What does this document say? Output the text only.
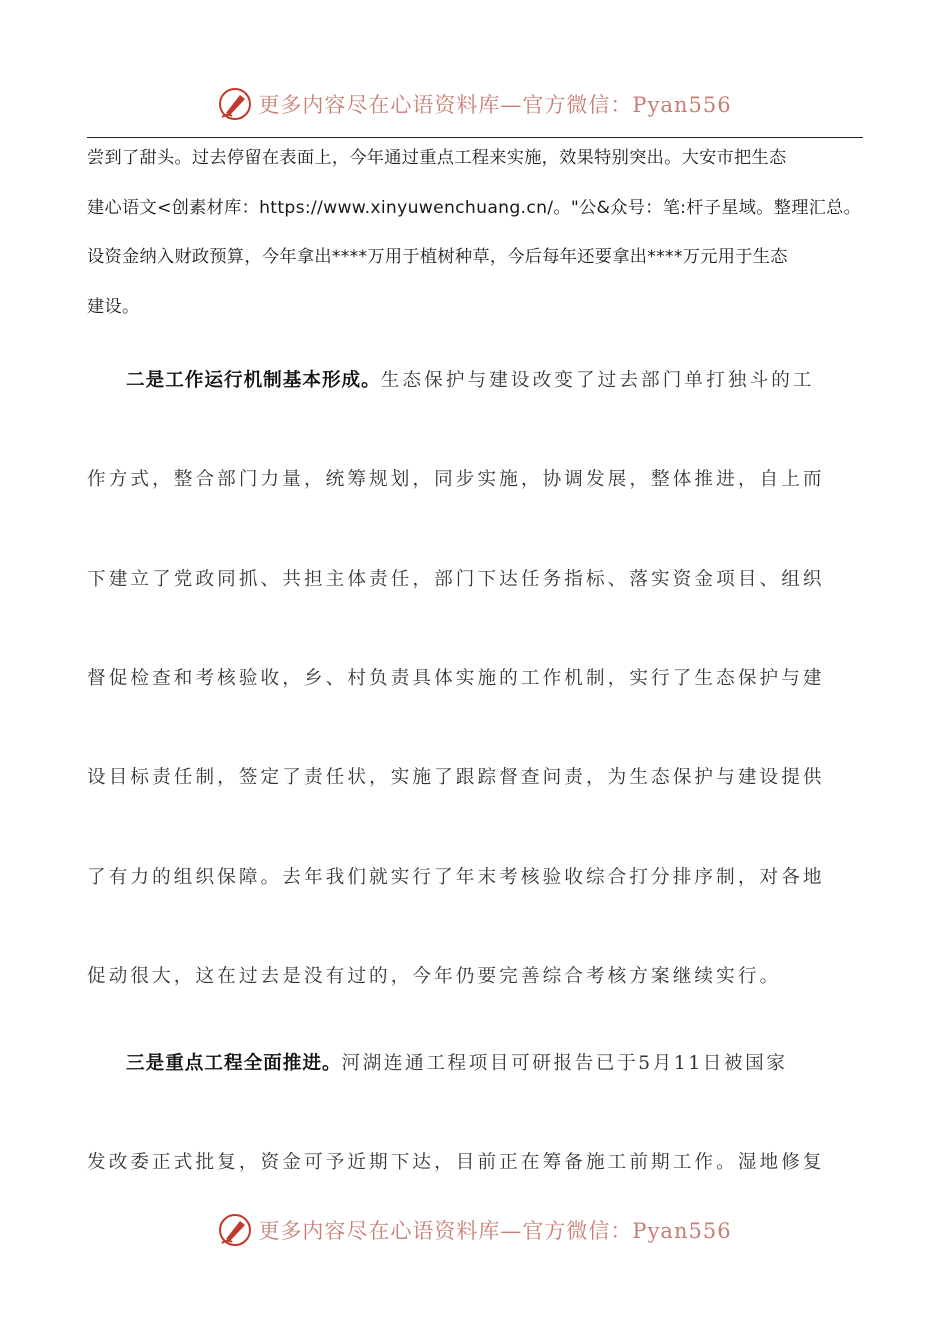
更多内容尽在心语资料库—官方微信：Pyan556
尝到了甜头。过去停留在表面上，今年通过重点工程来实施，效果特别突出。大安市把生态
建心语文<创素材库：https://www.xinyuwenchuang.cn/。"公&众号：笔:杆子星域。整理汇总。
设资金纳入财政预算，今年拿出****万用于植树种草，今后每年还要拿出****万元用于生态
建设。
二是工作运行机制基本形成。生态保护与建设改变了过去部门单打独斗的工
作方式，整合部门力量，统筹规划，同步实施，协调发展，整体推进，自上而
下建立了党政同抓、共担主体责任，部门下达任务指标、落实资金项目、组织
督促检查和考核验收，乡、村负责具体实施的工作机制，实行了生态保护与建
设目标责任制，签定了责任状，实施了跟踪督查问责，为生态保护与建设提供
了有力的组织保障。去年我们就实行了年末考核验收综合打分排序制，对各地
促动很大，这在过去是没有过的，今年仍要完善综合考核方案继续实行。
三是重点工程全面推进。河湖连通工程项目可研报告已于5月11日被国家
发改委正式批复，资金可予近期下达，目前正在筹备施工前期工作。湿地修复
更多内容尽在心语资料库—官方微信：Pyan556
